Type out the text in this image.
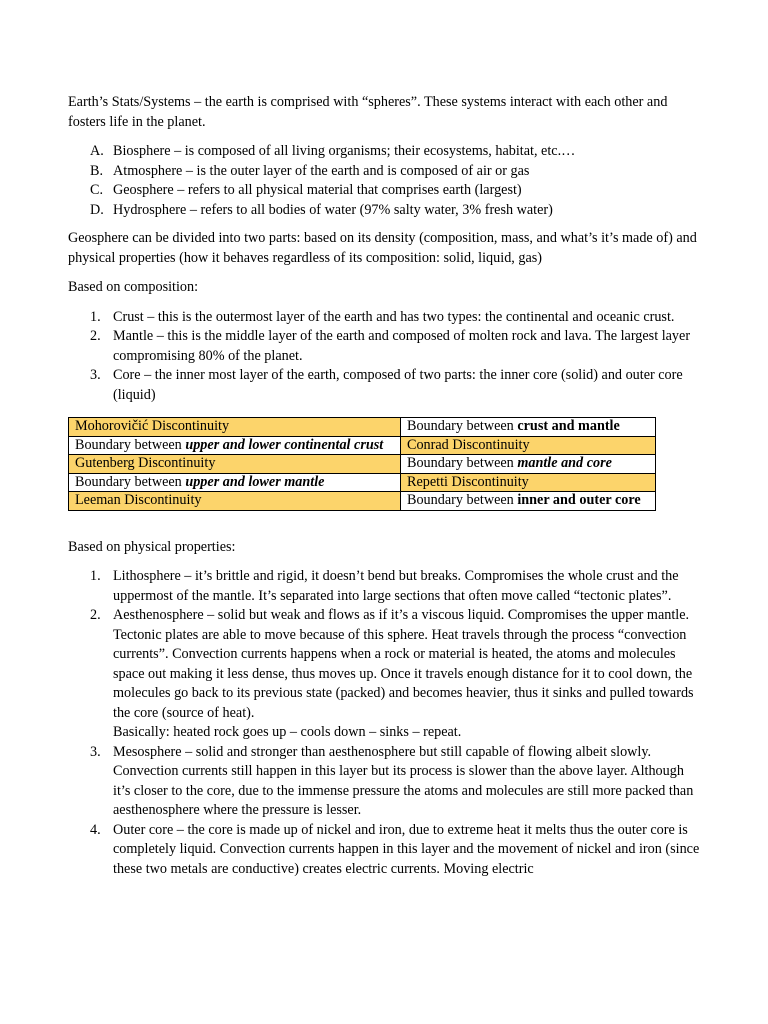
Earth’s Stats/Systems – the earth is comprised with “spheres”. These systems interact with each other and fosters life in the planet.

A. Biosphere – is composed of all living organisms; their ecosystems, habitat, etc.…
B. Atmosphere – is the outer layer of the earth and is composed of air or gas
C. Geosphere – refers to all physical material that comprises earth (largest)
D. Hydrosphere – refers to all bodies of water (97% salty water, 3% fresh water)

Geosphere can be divided into two parts: based on its density (composition, mass, and what’s it’s made of) and physical properties (how it behaves regardless of its composition: solid, liquid, gas)

Based on composition:

1. Crust – this is the outermost layer of the earth and has two types: the continental and oceanic crust.
2. Mantle – this is the middle layer of the earth and composed of molten rock and lava. The largest layer compromising 80% of the planet.
3. Core – the inner most layer of the earth, composed of two parts: the inner core (solid) and outer core (liquid)
Mohorovičić Discontinuity	Boundary between crust and mantle
Boundary between upper and lower continental crust	Conrad Discontinuity
Gutenberg Discontinuity	Boundary between mantle and core
Boundary between upper and lower mantle	Repetti Discontinuity
Leeman Discontinuity	Boundary between inner and outer core

Based on physical properties:

1. Lithosphere – it’s brittle and rigid, it doesn’t bend but breaks. Compromises the whole crust and the uppermost of the mantle. It’s separated into large sections that often move called “tectonic plates”.
2. Aesthenosphere – solid but weak and flows as if it’s a viscous liquid. Compromises the upper mantle. Tectonic plates are able to move because of this sphere. Heat travels through the process “convection currents”. Convection currents happens when a rock or material is heated, the atoms and molecules space out making it less dense, thus moves up. Once it travels enough distance for it to cool down, the molecules go back to its previous state (packed) and becomes heavier, thus it sinks and pulled towards the core (source of heat).
Basically: heated rock goes up – cools down – sinks – repeat.
3. Mesosphere – solid and stronger than aesthenosphere but still capable of flowing albeit slowly. Convection currents still happen in this layer but its process is slower than the above layer. Although it’s closer to the core, due to the immense pressure the atoms and molecules are still more packed than aesthenosphere where the pressure is lesser.
4. Outer core – the core is made up of nickel and iron, due to extreme heat it melts thus the outer core is completely liquid. Convection currents happen in this layer and the movement of nickel and iron (since these two metals are conductive) creates electric currents. Moving electric
